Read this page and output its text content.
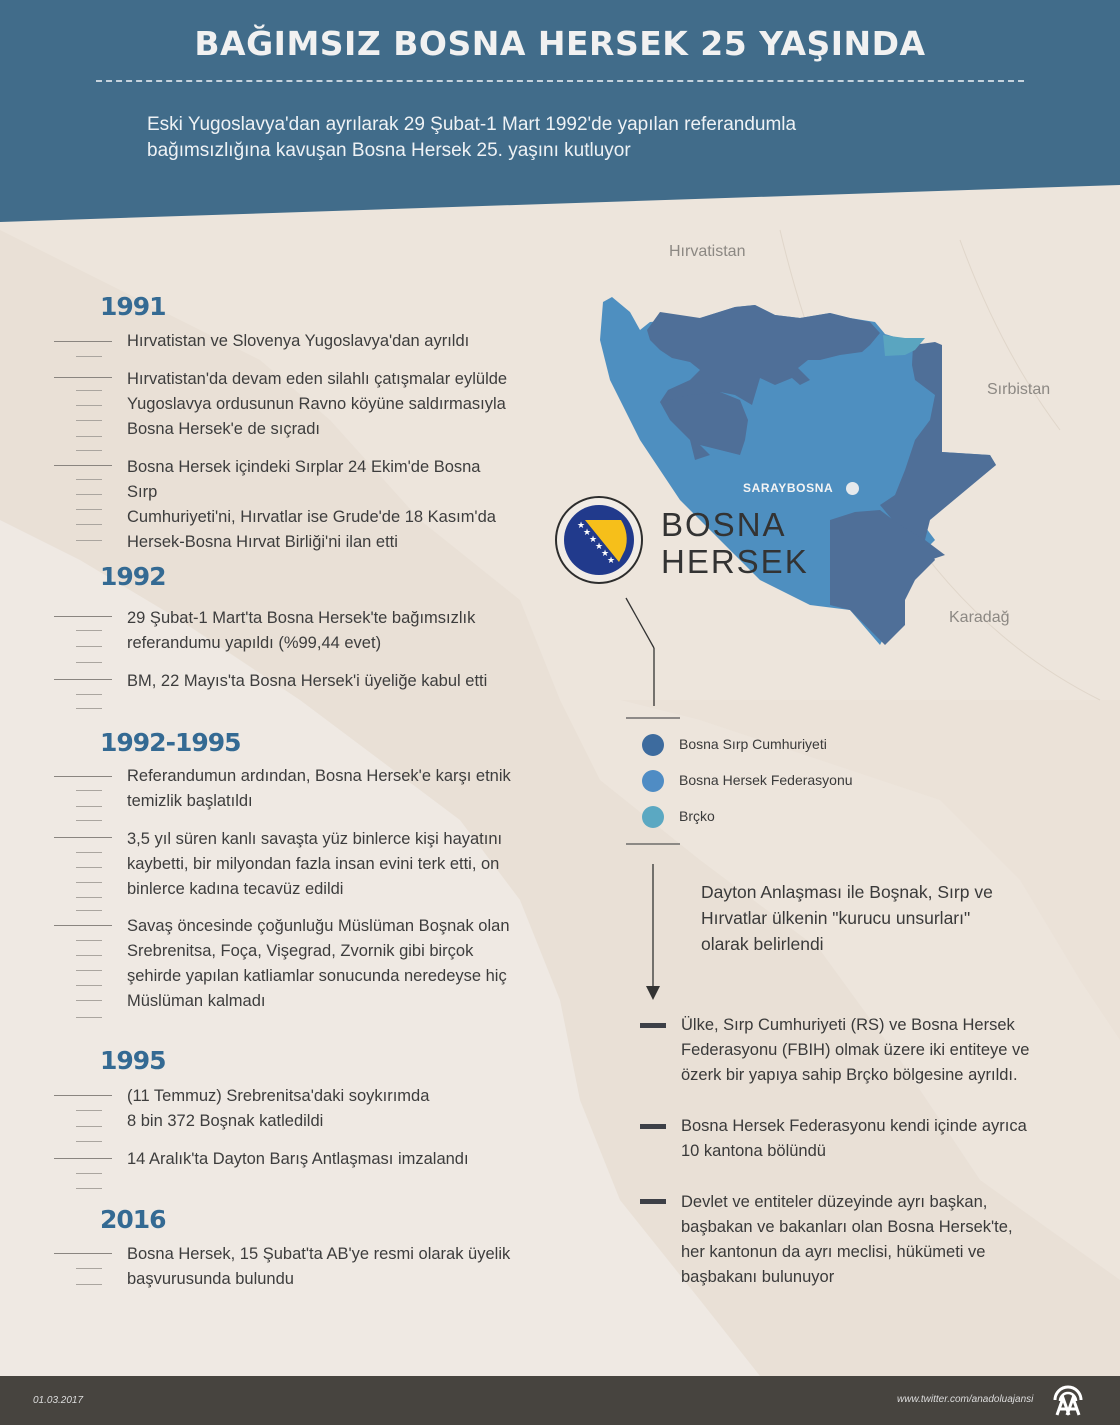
BAĞIMSIZ BOSNA HERSEK 25 YAŞINDA
Eski Yugoslavya'dan ayrılarak 29 Şubat-1 Mart 1992'de yapılan referandumla
bağımsızlığına kavuşan Bosna Hersek 25. yaşını kutluyor
1991
Hırvatistan ve Slovenya Yugoslavya'dan ayrıldı
Hırvatistan'da devam eden silahlı çatışmalar eylülde
Yugoslavya ordusunun Ravno köyüne saldırmasıyla
Bosna Hersek'e de sıçradı
Bosna Hersek içindeki Sırplar 24 Ekim'de Bosna Sırp
Cumhuriyeti'ni, Hırvatlar ise Grude'de 18 Kasım'da
Hersek-Bosna Hırvat Birliği'ni ilan etti
1992
29 Şubat-1 Mart'ta Bosna Hersek'te bağımsızlık
referandumu yapıldı (%99,44 evet)
BM, 22 Mayıs'ta Bosna Hersek'i üyeliğe kabul etti
1992-1995
Referandumun ardından, Bosna Hersek'e karşı etnik
temizlik başlatıldı
3,5 yıl süren kanlı savaşta yüz binlerce kişi hayatını
kaybetti, bir milyondan fazla insan evini terk etti, on
binlerce kadına tecavüz edildi
Savaş öncesinde çoğunluğu Müslüman Boşnak olan
Srebrenitsa, Foça, Vişegrad, Zvornik gibi birçok
şehirde yapılan katliamlar sonucunda neredeyse hiç
Müslüman kalmadı
1995
(11 Temmuz) Srebrenitsa'daki soykırımda
8 bin 372 Boşnak katledildi
14 Aralık'ta Dayton Barış Antlaşması imzalandı
2016
Bosna Hersek, 15 Şubat'ta AB'ye resmi olarak üyelik
başvurusunda bulundu
Hırvatistan
Sırbistan
Karadağ
SARAYBOSNA
★
★
★
★
★
★
BOSNA
HERSEK
Bosna Sırp Cumhuriyeti
Bosna Hersek Federasyonu
Brçko
Dayton Anlaşması ile Boşnak, Sırp ve
Hırvatlar ülkenin "kurucu unsurları"
olarak belirlendi
Ülke, Sırp Cumhuriyeti (RS) ve Bosna Hersek
Federasyonu (FBIH) olmak üzere iki entiteye ve
özerk bir yapıya sahip Brçko bölgesine ayrıldı.
Bosna Hersek Federasyonu kendi içinde ayrıca
10 kantona bölündü
Devlet ve entiteler düzeyinde ayrı başkan,
başbakan ve bakanları olan Bosna Hersek'te,
her kantonun da ayrı meclisi, hükümeti ve
başbakanı bulunuyor
01.03.2017	www.twitter.com/anadoluajansi
